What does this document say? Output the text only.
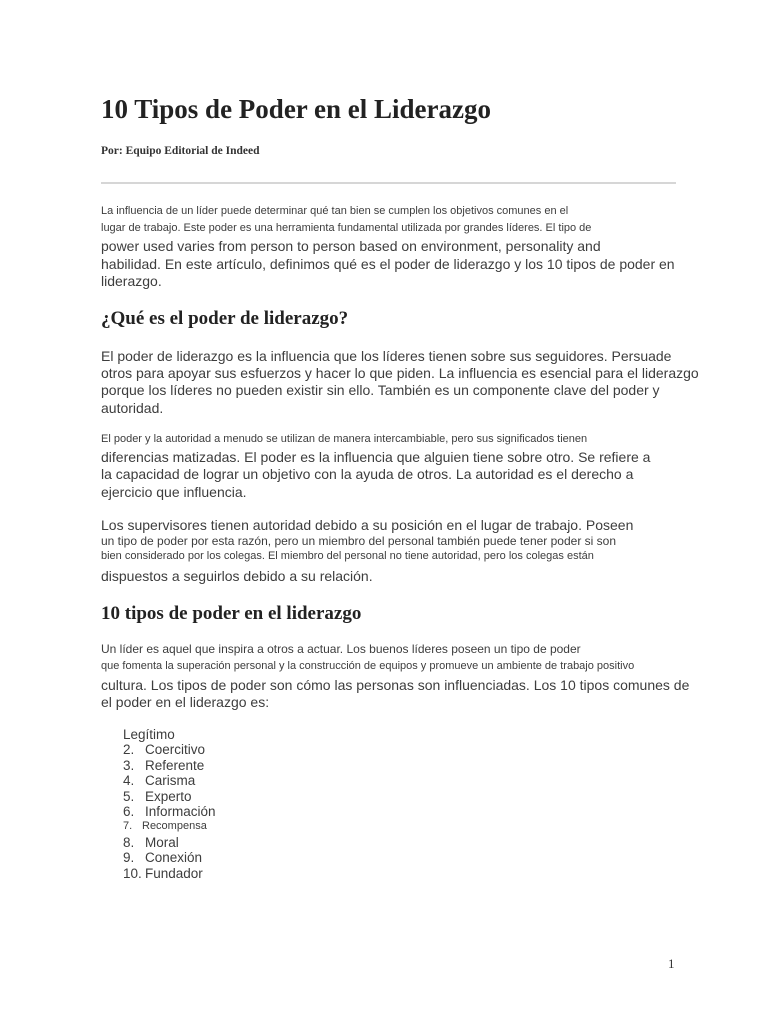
10 Tipos de Poder en el Liderazgo

Por: Equipo Editorial de Indeed

La influencia de un líder puede determinar qué tan bien se cumplen los objetivos comunes en el

lugar de trabajo. Este poder es una herramienta fundamental utilizada por grandes líderes. El tipo de

power used varies from person to person based on environment, personality and

habilidad. En este artículo, definimos qué es el poder de liderazgo y los 10 tipos de poder en

liderazgo.

¿Qué es el poder de liderazgo?

El poder de liderazgo es la influencia que los líderes tienen sobre sus seguidores. Persuade

otros para apoyar sus esfuerzos y hacer lo que piden. La influencia es esencial para el liderazgo

porque los líderes no pueden existir sin ello. También es un componente clave del poder y

autoridad.

El poder y la autoridad a menudo se utilizan de manera intercambiable, pero sus significados tienen

diferencias matizadas. El poder es la influencia que alguien tiene sobre otro. Se refiere a

la capacidad de lograr un objetivo con la ayuda de otros. La autoridad es el derecho a

ejercicio que influencia.

Los supervisores tienen autoridad debido a su posición en el lugar de trabajo. Poseen

un tipo de poder por esta razón, pero un miembro del personal también puede tener poder si son

bien considerado por los colegas. El miembro del personal no tiene autoridad, pero los colegas están

dispuestos a seguirlos debido a su relación.

10 tipos de poder en el liderazgo

Un líder es aquel que inspira a otros a actuar. Los buenos líderes poseen un tipo de poder

que fomenta la superación personal y la construcción de equipos y promueve un ambiente de trabajo positivo

cultura. Los tipos de poder son cómo las personas son influenciadas. Los 10 tipos comunes de

el poder en el liderazgo es:

Legítimo
2. Coercitivo
3. Referente
4. Carisma
5. Experto
6. Información
7. Recompensa
8. Moral
9. Conexión
10. Fundador

1
